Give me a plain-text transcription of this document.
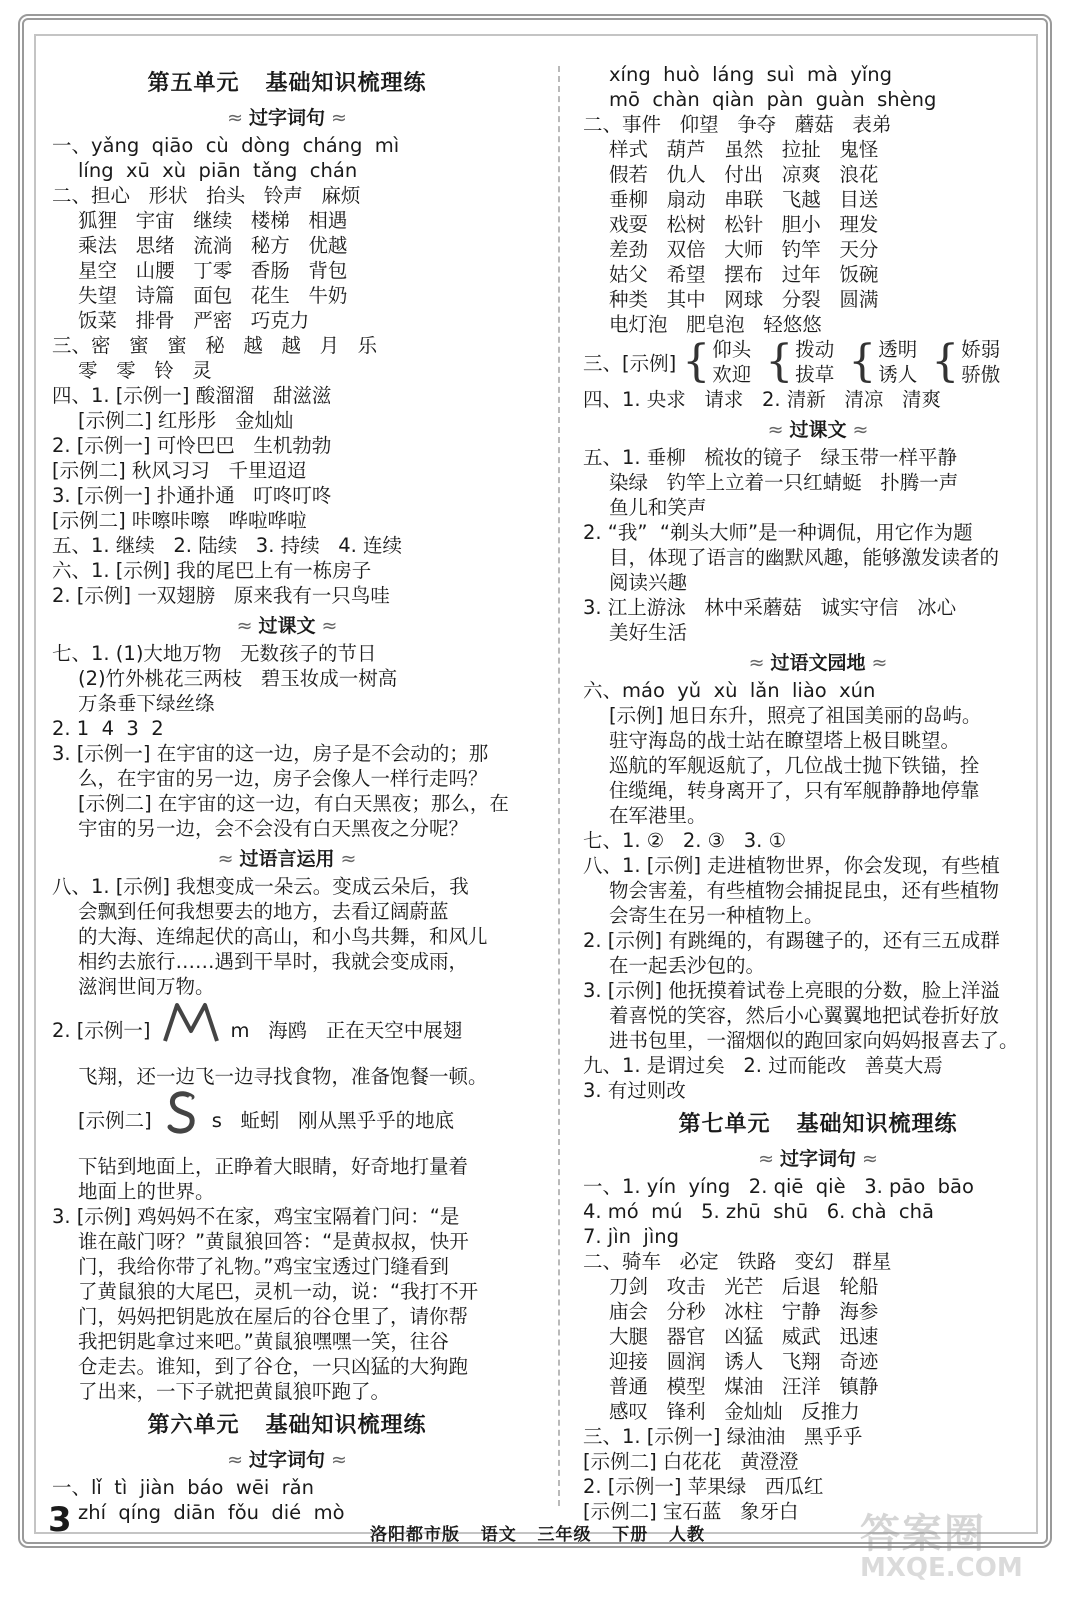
第五单元   基础知识梳理练
≈ 过字词句 ≈
一、yǎng  qiāo  cù  dòng  cháng  mì
líng  xū  xù  piān  tǎng  chán
二、担心   形状   抬头   铃声   麻烦
狐狸   宇宙   继续   楼梯   相遇
乘法   思绪   流淌   秘方   优越
星空   山腰   丁零   香肠   背包
失望   诗篇   面包   花生   牛奶
饭菜   排骨   严密   巧克力
三、密   蜜   蜜   秘   越   越   月   乐
零   零   铃   灵
四、1. [示例一] 酸溜溜   甜滋滋
[示例二] 红彤彤   金灿灿
2. [示例一] 可怜巴巴   生机勃勃
[示例二] 秋风习习   千里迢迢
3. [示例一] 扑通扑通   叮咚叮咚
[示例二] 咔嚓咔嚓   哗啦哗啦
五、1. 继续   2. 陆续   3. 持续   4. 连续
六、1. [示例] 我的尾巴上有一栋房子
2. [示例] 一双翅膀   原来我有一只鸟哇
≈ 过课文 ≈
七、1. (1)大地万物   无数孩子的节日
(2)竹外桃花三两枝   碧玉妆成一树高
万条垂下绿丝绦
2. 1  4  3  2
3. [示例一] 在宇宙的这一边，房子是不会动的；那
么，在宇宙的另一边，房子会像人一样行走吗？
[示例二] 在宇宙的这一边，有白天黑夜；那么，在
宇宙的另一边，会不会没有白天黑夜之分呢？
≈ 过语言运用 ≈
八、1. [示例] 我想变成一朵云。变成云朵后，我
会飘到任何我想要去的地方，去看辽阔蔚蓝
的大海、连绵起伏的高山，和小鸟共舞，和风儿
相约去旅行……遇到干旱时，我就会变成雨，
滋润世间万物。
2. [示例一]	m   海鸥   正在天空中展翅
飞翔，还一边飞一边寻找食物，准备饱餐一顿。
[示例二]	s   蚯蚓   刚从黑乎乎的地底
下钻到地面上，正睁着大眼睛，好奇地打量着
地面上的世界。
3. [示例] 鸡妈妈不在家，鸡宝宝隔着门问：“是
谁在敲门呀？”黄鼠狼回答：“是黄叔叔，快开
门，我给你带了礼物。”鸡宝宝透过门缝看到
了黄鼠狼的大尾巴，灵机一动，说：“我打不开
门，妈妈把钥匙放在屋后的谷仓里了，请你帮
我把钥匙拿过来吧。”黄鼠狼嘿嘿一笑，往谷
仓走去。谁知，到了谷仓，一只凶猛的大狗跑
了出来，一下子就把黄鼠狼吓跑了。
第六单元   基础知识梳理练
≈ 过字词句 ≈
一、lǐ  tì  jiàn  báo  wēi  rǎn
zhí  qíng  diān  fǒu  dié  mò
xíng  huò  láng  suì  mà  yǐng
mō  chàn  qiàn  pàn  guàn  shèng
二、事件   仰望   争夺   蘑菇   表弟
样式   葫芦   虽然   拉扯   鬼怪
假若   仇人   付出   凉爽   浪花
垂柳   扇动   串联   飞越   目送
戏耍   松树   松针   胆小   理发
差劲   双倍   大师   钓竿   天分
姑父   希望   摆布   过年   饭碗
种类   其中   网球   分裂   圆满
电灯泡   肥皂泡   轻悠悠
三、[示例] { 仰头
欢迎 { 拨动
拔草 { 透明
诱人 { 娇弱
骄傲
四、1. 央求   请求   2. 清新   清凉   清爽
≈ 过课文 ≈
五、1. 垂柳   梳妆的镜子   绿玉带一样平静
染绿   钓竿上立着一只红蜻蜓   扑腾一声
鱼儿和笑声
2. “我”  “剃头大师”是一种调侃，用它作为题
目，体现了语言的幽默风趣，能够激发读者的
阅读兴趣
3. 江上游泳   林中采蘑菇   诚实守信   冰心
美好生活
≈ 过语文园地 ≈
六、máo  yǔ  xù  lǎn  liào  xún
[示例] 旭日东升，照亮了祖国美丽的岛屿。
驻守海岛的战士站在瞭望塔上极目眺望。
巡航的军舰返航了，几位战士抛下铁锚，拴
住缆绳，转身离开了，只有军舰静静地停靠
在军港里。
七、1. ②   2. ③   3. ①
八、1. [示例] 走进植物世界，你会发现，有些植
物会害羞，有些植物会捕捉昆虫，还有些植物
会寄生在另一种植物上。
2. [示例] 有跳绳的，有踢毽子的，还有三五成群
在一起丢沙包的。
3. [示例] 他抚摸着试卷上亮眼的分数，脸上洋溢
着喜悦的笑容，然后小心翼翼地把试卷折好放
进书包里，一溜烟似的跑回家向妈妈报喜去了。
九、1. 是谓过矣   2. 过而能改   善莫大焉
3. 有过则改
第七单元   基础知识梳理练
≈ 过字词句 ≈
一、1. yín  yíng   2. qiē  qiè   3. pāo  bāo
4. mó  mú   5. zhū  shū   6. chà  chā
7. jìn  jìng
二、骑车   必定   铁路   变幻   群星
刀剑   攻击   光芒   后退   轮船
庙会   分秒   冰柱   宁静   海参
大腿   器官   凶猛   威武   迅速
迎接   圆润   诱人   飞翔   奇迹
普通   模型   煤油   汪洋   镇静
感叹   锋利   金灿灿   反推力
三、1. [示例一] 绿油油   黑乎乎
[示例二] 白花花   黄澄澄
2. [示例一] 苹果绿   西瓜红
[示例二] 宝石蓝   象牙白
3	洛阳都市版   语文   三年级   下册   人教	答案圈
MXQE.COM
